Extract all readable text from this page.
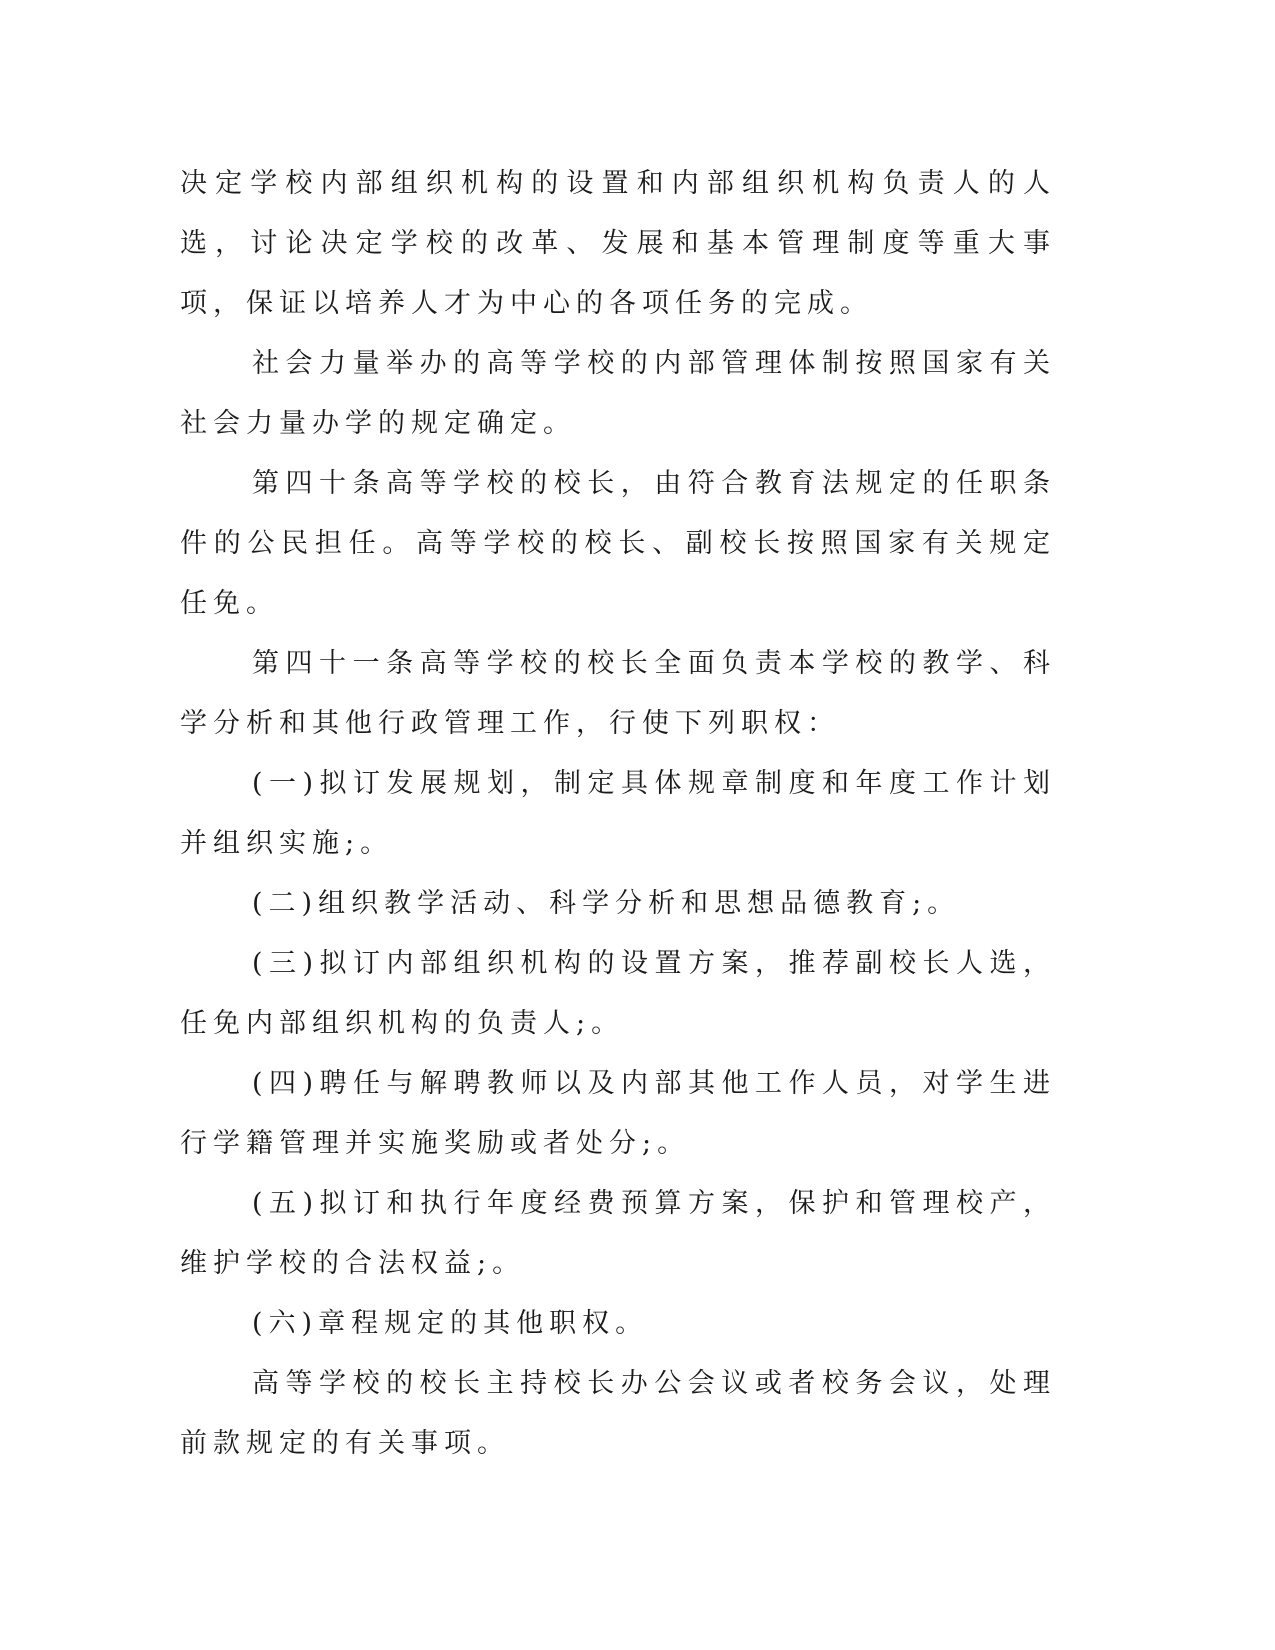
决定学校内部组织机构的设置和内部组织机构负责人的人选，讨论决定学校的改革、发展和基本管理制度等重大事项，保证以培养人才为中心的各项任务的完成。

社会力量举办的高等学校的内部管理体制按照国家有关社会力量办学的规定确定。

第四十条高等学校的校长，由符合教育法规定的任职条件的公民担任。高等学校的校长、副校长按照国家有关规定任免。

第四十一条高等学校的校长全面负责本学校的教学、科学分析和其他行政管理工作，行使下列职权：

(一)拟订发展规划，制定具体规章制度和年度工作计划并组织实施;。

(二)组织教学活动、科学分析和思想品德教育;。

(三)拟订内部组织机构的设置方案，推荐副校长人选，任免内部组织机构的负责人;。

(四)聘任与解聘教师以及内部其他工作人员，对学生进行学籍管理并实施奖励或者处分;。

(五)拟订和执行年度经费预算方案，保护和管理校产，维护学校的合法权益;。

(六)章程规定的其他职权。

高等学校的校长主持校长办公会议或者校务会议，处理前款规定的有关事项。
